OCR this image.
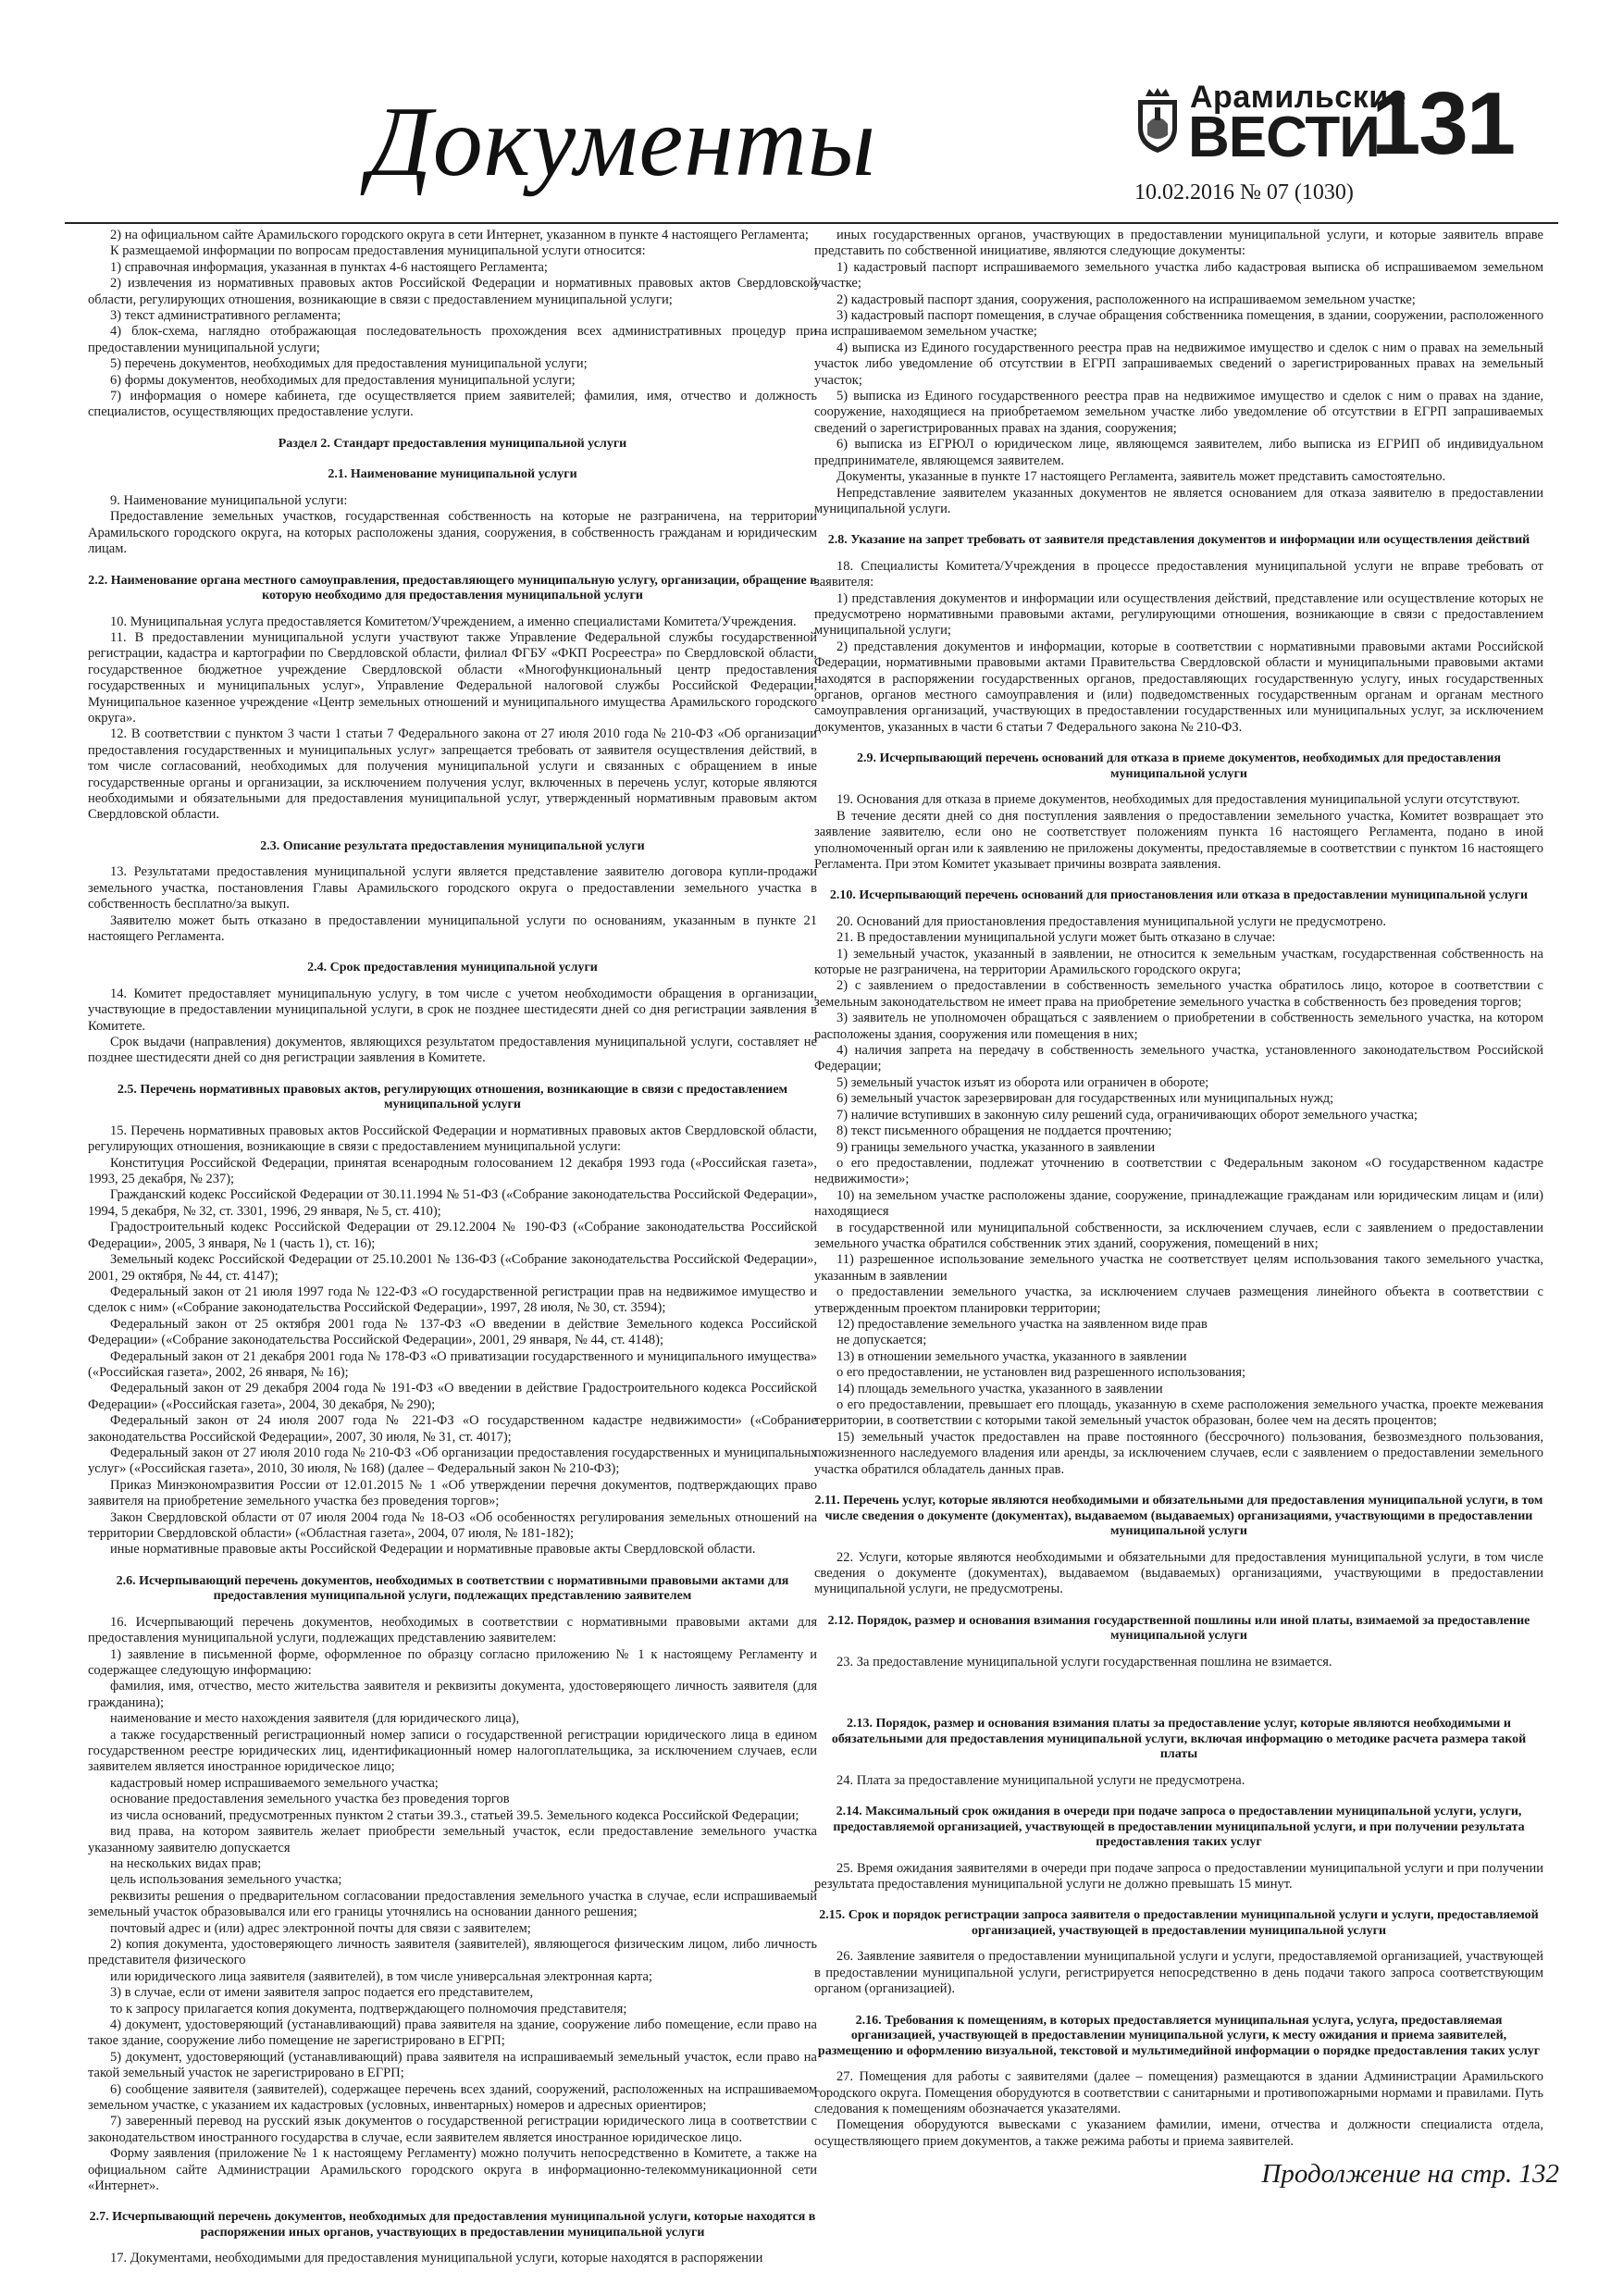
Документы	Арамильские
ВЕСТИ
131
10.02.2016 № 07 (1030)

2) на официальном сайте Арамильского городского округа в сети Интернет, указанном в пункте 4 настоящего Регламента;

К размещаемой информации по вопросам предоставления муниципальной услуги относится:

1) справочная информация, указанная в пунктах 4-6 настоящего Регламента;

2) извлечения из нормативных правовых актов Российской Федерации и нормативных правовых актов Свердловской области, регулирующих отношения, возникающие в связи с предоставлением муниципальной услуги;

3) текст административного регламента;

4) блок-схема, наглядно отображающая последовательность прохождения всех административных процедур при предоставлении муниципальной услуги;

5) перечень документов, необходимых для предоставления муниципальной услуги;

6) формы документов, необходимых для предоставления муниципальной услуги;

7) информация о номере кабинета, где осуществляется прием заявителей; фамилия, имя, отчество и должность специалистов, осуществляющих предоставление услуги.

Раздел 2. Стандарт предоставления муниципальной услуги
2.1. Наименование муниципальной услуги

9. Наименование муниципальной услуги:

Предоставление земельных участков, государственная собственность на которые не разграничена, на территории Арамильского городского округа, на которых расположены здания, сооружения, в собственность гражданам и юридическим лицам.

2.2. Наименование органа местного самоуправления, предоставляющего муниципальную услугу, организации, обращение в которую необходимо для предоставления муниципальной услуги

10. Муниципальная услуга предоставляется Комитетом/Учреждением, а именно специалистами Комитета/Учреждения.

11. В предоставлении муниципальной услуги участвуют также Управление Федеральной службы государственной регистрации, кадастра и картографии по Свердловской области, филиал ФГБУ «ФКП Росреестра» по Свердловской области, государственное бюджетное учреждение Свердловской области «Многофункциональный центр предоставления государственных и муниципальных услуг», Управление Федеральной налоговой службы Российской Федерации, Муниципальное казенное учреждение «Центр земельных отношений и муниципального имущества Арамильского городского округа».

12. В соответствии с пунктом 3 части 1 статьи 7 Федерального закона от 27 июля 2010 года № 210-ФЗ «Об организации предоставления государственных и муниципальных услуг» запрещается требовать от заявителя осуществления действий, в том числе согласований, необходимых для получения муниципальной услуги и связанных с обращением в иные государственные органы и организации, за исключением получения услуг, включенных в перечень услуг, которые являются необходимыми и обязательными для предоставления муниципальной услуг, утвержденный нормативным правовым актом Свердловской области.

2.3. Описание результата предоставления муниципальной услуги

13. Результатами предоставления муниципальной услуги является представление заявителю договора купли-продажи земельного участка, постановления Главы Арамильского городского округа о предоставлении земельного участка в собственность бесплатно/за выкуп.

Заявителю может быть отказано в предоставлении муниципальной услуги по основаниям, указанным в пункте 21 настоящего Регламента.

2.4. Срок предоставления муниципальной услуги

14. Комитет предоставляет муниципальную услугу, в том числе с учетом необходимости обращения в организации, участвующие в предоставлении муниципальной услуги, в срок не позднее шестидесяти дней со дня регистрации заявления в Комитете.

Срок выдачи (направления) документов, являющихся результатом предоставления муниципальной услуги, составляет не позднее шестидесяти дней со дня регистрации заявления в Комитете.

2.5. Перечень нормативных правовых актов, регулирующих отношения, возникающие в связи с предоставлением муниципальной услуги

15. Перечень нормативных правовых актов Российской Федерации и нормативных правовых актов Свердловской области, регулирующих отношения, возникающие в связи с предоставлением муниципальной услуги:

Конституция Российской Федерации, принятая всенародным голосованием 12 декабря 1993 года («Российская газета», 1993, 25 декабря, № 237);

Гражданский кодекс Российской Федерации от 30.11.1994 № 51-ФЗ («Собрание законодательства Российской Федерации», 1994, 5 декабря, № 32, ст. 3301, 1996, 29 января, № 5, ст. 410);

Градостроительный кодекс Российской Федерации от 29.12.2004 № 190-ФЗ («Собрание законодательства Российской Федерации», 2005, 3 января, № 1 (часть 1), ст. 16);

Земельный кодекс Российской Федерации от 25.10.2001 № 136-ФЗ («Собрание законодательства Российской Федерации», 2001, 29 октября, № 44, ст. 4147);

Федеральный закон от 21 июля 1997 года № 122-ФЗ «О государственной регистрации прав на недвижимое имущество и сделок с ним» («Собрание законодательства Российской Федерации», 1997, 28 июля, № 30, ст. 3594);

Федеральный закон от 25 октября 2001 года № 137-ФЗ «О введении в действие Земельного кодекса Российской Федерации» («Собрание законодательства Российской Федерации», 2001, 29 января, № 44, ст. 4148);

Федеральный закон от 21 декабря 2001 года № 178-ФЗ «О приватизации государственного и муниципального имущества» («Российская газета», 2002, 26 января, № 16);

Федеральный закон от 29 декабря 2004 года № 191-ФЗ «О введении в действие Градостроительного кодекса Российской Федерации» («Российская газета», 2004, 30 декабря, № 290);

Федеральный закон от 24 июля 2007 года № 221-ФЗ «О государственном кадастре недвижимости» («Собрание законодательства Российской Федерации», 2007, 30 июля, № 31, ст. 4017);

Федеральный закон от 27 июля 2010 года № 210-ФЗ «Об организации предоставления государственных и муниципальных услуг» («Российская газета», 2010, 30 июля, № 168) (далее – Федеральный закон № 210-ФЗ);

Приказ Минэкономразвития России от 12.01.2015 № 1 «Об утверждении перечня документов, подтверждающих право заявителя на приобретение земельного участка без проведения торгов»;

Закон Свердловской области от 07 июля 2004 года № 18-ОЗ «Об особенностях регулирования земельных отношений на территории Свердловской области» («Областная газета», 2004, 07 июля, № 181-182);

иные нормативные правовые акты Российской Федерации и нормативные правовые акты Свердловской области.

2.6. Исчерпывающий перечень документов, необходимых в соответствии с нормативными правовыми актами для предоставления муниципальной услуги, подлежащих представлению заявителем

16. Исчерпывающий перечень документов, необходимых в соответствии с нормативными правовыми актами для предоставления муниципальной услуги, подлежащих представлению заявителем:

1) заявление в письменной форме, оформленное по образцу согласно приложению № 1 к настоящему Регламенту и содержащее следующую информацию:

фамилия, имя, отчество, место жительства заявителя и реквизиты документа, удостоверяющего личность заявителя (для гражданина);

наименование и место нахождения заявителя (для юридического лица),

а также государственный регистрационный номер записи о государственной регистрации юридического лица в едином государственном реестре юридических лиц, идентификационный номер налогоплательщика, за исключением случаев, если заявителем является иностранное юридическое лицо;

кадастровый номер испрашиваемого земельного участка;

основание предоставления земельного участка без проведения торгов

из числа оснований, предусмотренных пунктом 2 статьи 39.3., статьей 39.5. Земельного кодекса Российской Федерации;

вид права, на котором заявитель желает приобрести земельный участок, если предоставление земельного участка указанному заявителю допускается

на нескольких видах прав;

цель использования земельного участка;

реквизиты решения о предварительном согласовании предоставления земельного участка в случае, если испрашиваемый земельный участок образовывался или его границы уточнялись на основании данного решения;

почтовый адрес и (или) адрес электронной почты для связи с заявителем;

2) копия документа, удостоверяющего личность заявителя (заявителей), являющегося физическим лицом, либо личность представителя физического

или юридического лица заявителя (заявителей), в том числе универсальная электронная карта;

3) в случае, если от имени заявителя запрос подается его представителем,

то к запросу прилагается копия документа, подтверждающего полномочия представителя;

4) документ, удостоверяющий (устанавливающий) права заявителя на здание, сооружение либо помещение, если право на такое здание, сооружение либо помещение не зарегистрировано в ЕГРП;

5) документ, удостоверяющий (устанавливающий) права заявителя на испрашиваемый земельный участок, если право на такой земельный участок не зарегистрировано в ЕГРП;

6) сообщение заявителя (заявителей), содержащее перечень всех зданий, сооружений, расположенных на испрашиваемом земельном участке, с указанием их кадастровых (условных, инвентарных) номеров и адресных ориентиров;

7) заверенный перевод на русский язык документов о государственной регистрации юридического лица в соответствии с законодательством иностранного государства в случае, если заявителем является иностранное юридическое лицо.

Форму заявления (приложение № 1 к настоящему Регламенту) можно получить непосредственно в Комитете, а также на официальном сайте Администрации Арамильского городского округа в информационно-телекоммуникационной сети «Интернет».

2.7. Исчерпывающий перечень документов, необходимых для предоставления муниципальной услуги, которые находятся в распоряжении иных органов, участвующих в предоставлении муниципальной услуги

17. Документами, необходимыми для предоставления муниципальной услуги, которые находятся в распоряжении

иных государственных органов, участвующих в предоставлении муниципальной услуги, и которые заявитель вправе представить по собственной инициативе, являются следующие документы:

1) кадастровый паспорт испрашиваемого земельного участка либо кадастровая выписка об испрашиваемом земельном участке;

2) кадастровый паспорт здания, сооружения, расположенного на испрашиваемом земельном участке;

3) кадастровый паспорт помещения, в случае обращения собственника помещения, в здании, сооружении, расположенного на испрашиваемом земельном участке;

4) выписка из Единого государственного реестра прав на недвижимое имущество и сделок с ним о правах на земельный участок либо уведомление об отсутствии в ЕГРП запрашиваемых сведений о зарегистрированных правах на земельный участок;

5) выписка из Единого государственного реестра прав на недвижимое имущество и сделок с ним о правах на здание, сооружение, находящиеся на приобретаемом земельном участке либо уведомление об отсутствии в ЕГРП запрашиваемых сведений о зарегистрированных правах на здания, сооружения;

6) выписка из ЕГРЮЛ о юридическом лице, являющемся заявителем, либо выписка из ЕГРИП об индивидуальном предпринимателе, являющемся заявителем.

Документы, указанные в пункте 17 настоящего Регламента, заявитель может представить самостоятельно.

Непредставление заявителем указанных документов не является основанием для отказа заявителю в предоставлении муниципальной услуги.

2.8. Указание на запрет требовать от заявителя представления документов и информации или осуществления действий

18. Специалисты Комитета/Учреждения в процессе предоставления муниципальной услуги не вправе требовать от заявителя:

1) представления документов и информации или осуществления действий, представление или осуществление которых не предусмотрено нормативными правовыми актами, регулирующими отношения, возникающие в связи с предоставлением муниципальной услуги;

2) представления документов и информации, которые в соответствии с нормативными правовыми актами Российской Федерации, нормативными правовыми актами Правительства Свердловской области и муниципальными правовыми актами находятся в распоряжении государственных органов, предоставляющих государственную услугу, иных государственных органов, органов местного самоуправления и (или) подведомственных государственным органам и органам местного самоуправления организаций, участвующих в предоставлении государственных или муниципальных услуг, за исключением документов, указанных в части 6 статьи 7 Федерального закона № 210-ФЗ.

2.9. Исчерпывающий перечень оснований для отказа в приеме документов, необходимых для предоставления муниципальной услуги

19. Основания для отказа в приеме документов, необходимых для предоставления муниципальной услуги отсутствуют.

В течение десяти дней со дня поступления заявления о предоставлении земельного участка, Комитет возвращает это заявление заявителю, если оно не соответствует положениям пункта 16 настоящего Регламента, подано в иной уполномоченный орган или к заявлению не приложены документы, предоставляемые в соответствии с пунктом 16 настоящего Регламента. При этом Комитет указывает причины возврата заявления.

2.10. Исчерпывающий перечень оснований для приостановления или отказа в предоставлении муниципальной услуги

20. Оснований для приостановления предоставления муниципальной услуги не предусмотрено.

21. В предоставлении муниципальной услуги может быть отказано в случае:

1) земельный участок, указанный в заявлении, не относится к земельным участкам, государственная собственность на которые не разграничена, на территории Арамильского городского округа;

2) с заявлением о предоставлении в собственность земельного участка обратилось лицо, которое в соответствии с земельным законодательством не имеет права на приобретение земельного участка в собственность без проведения торгов;

3) заявитель не уполномочен обращаться с заявлением о приобретении в собственность земельного участка, на котором расположены здания, сооружения или помещения в них;

4) наличия запрета на передачу в собственность земельного участка, установленного законодательством Российской Федерации;

5) земельный участок изъят из оборота или ограничен в обороте;

6) земельный участок зарезервирован для государственных или муниципальных нужд;

7) наличие вступивших в законную силу решений суда, ограничивающих оборот земельного участка;

8) текст письменного обращения не поддается прочтению;

9) границы земельного участка, указанного в заявлении

о его предоставлении, подлежат уточнению в соответствии с Федеральным законом «О государственном кадастре недвижимости»;

10) на земельном участке расположены здание, сооружение, принадлежащие гражданам или юридическим лицам и (или) находящиеся

в государственной или муниципальной собственности, за исключением случаев, если с заявлением о предоставлении земельного участка обратился собственник этих зданий, сооружения, помещений в них;

11) разрешенное использование земельного участка не соответствует целям использования такого земельного участка, указанным в заявлении

о предоставлении земельного участка, за исключением случаев размещения линейного объекта в соответствии с утвержденным проектом планировки территории;

12) предоставление земельного участка на заявленном виде прав

не допускается;

13) в отношении земельного участка, указанного в заявлении

о его предоставлении, не установлен вид разрешенного использования;

14) площадь земельного участка, указанного в заявлении

о его предоставлении, превышает его площадь, указанную в схеме расположения земельного участка, проекте межевания территории, в соответствии с которыми такой земельный участок образован, более чем на десять процентов;

15) земельный участок предоставлен на праве постоянного (бессрочного) пользования, безвозмездного пользования, пожизненного наследуемого владения или аренды, за исключением случаев, если с заявлением о предоставлении земельного участка обратился обладатель данных прав.

2.11. Перечень услуг, которые являются необходимыми и обязательными для предоставления муниципальной услуги, в том числе сведения о документе (документах), выдаваемом (выдаваемых) организациями, участвующими в предоставлении муниципальной услуги

22. Услуги, которые являются необходимыми и обязательными для предоставления муниципальной услуги, в том числе сведения о документе (документах), выдаваемом (выдаваемых) организациями, участвующими в предоставлении муниципальной услуги, не предусмотрены.

2.12. Порядок, размер и основания взимания государственной пошлины или иной платы, взимаемой за предоставление муниципальной услуги

23. За предоставление муниципальной услуги государственная пошлина не взимается.

2.13. Порядок, размер и основания взимания платы за предоставление услуг, которые являются необходимыми и обязательными для предоставления муниципальной услуги, включая информацию о методике расчета размера такой платы

24. Плата за предоставление муниципальной услуги не предусмотрена.

2.14. Максимальный срок ожидания в очереди при подаче запроса о предоставлении муниципальной услуги, услуги, предоставляемой организацией, участвующей в предоставлении муниципальной услуги, и при получении результата предоставления таких услуг

25. Время ожидания заявителями в очереди при подаче запроса о предоставлении муниципальной услуги и при получении результата предоставления муниципальной услуги не должно превышать 15 минут.

2.15. Срок и порядок регистрации запроса заявителя о предоставлении муниципальной услуги и услуги, предоставляемой организацией, участвующей в предоставлении муниципальной услуги

26. Заявление заявителя о предоставлении муниципальной услуги и услуги, предоставляемой организацией, участвующей в предоставлении муниципальной услуги, регистрируется непосредственно в день подачи такого запроса соответствующим органом (организацией).

2.16. Требования к помещениям, в которых предоставляется муниципальная услуга, услуга, предоставляемая организацией, участвующей в предоставлении муниципальной услуги, к месту ожидания и приема заявителей, размещению и оформлению визуальной, текстовой и мультимедийной информации о порядке предоставления таких услуг

27. Помещения для работы с заявителями (далее – помещения) размещаются в здании Администрации Арамильского городского округа. Помещения оборудуются в соответствии с санитарными и противопожарными нормами и правилами. Путь следования к помещениям обозначается указателями.

Помещения оборудуются вывесками с указанием фамилии, имени, отчества и должности специалиста отдела, осуществляющего прием документов, а также режима работы и приема заявителей.

Продолжение на стр. 132
